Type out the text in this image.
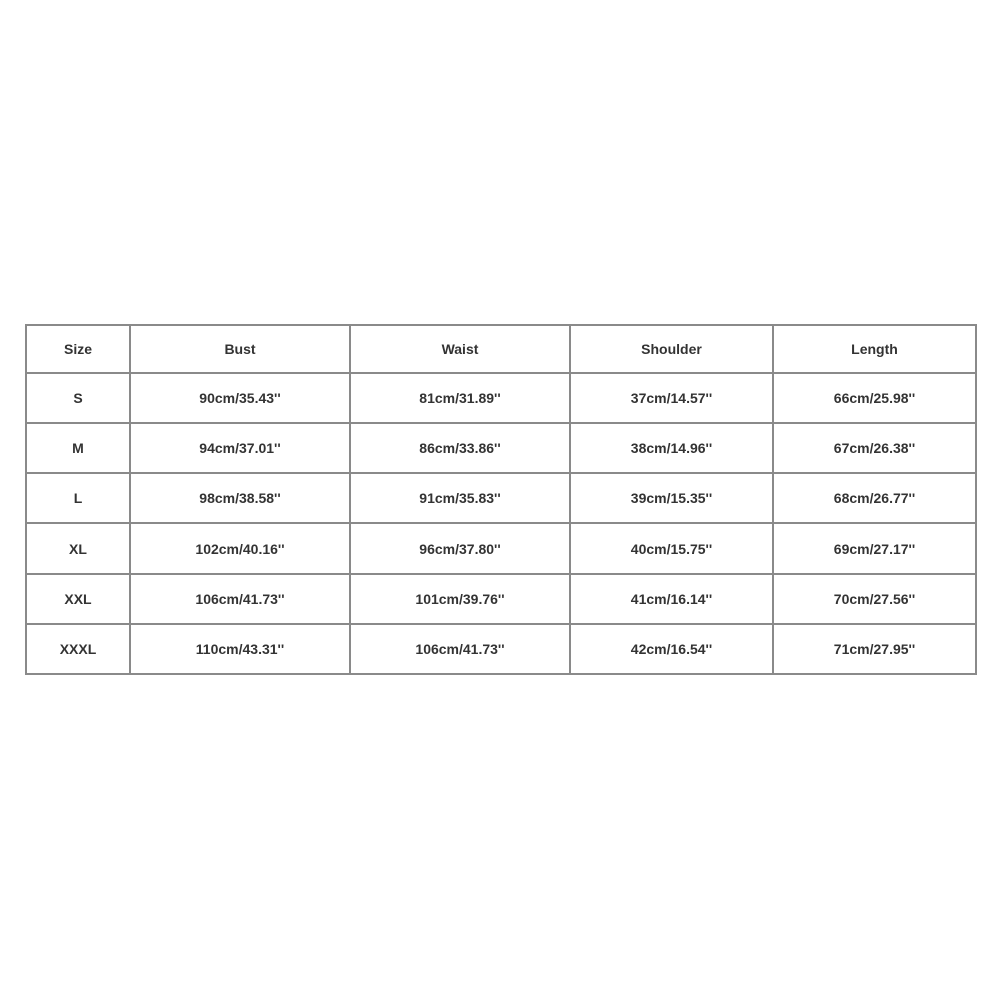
Size	Bust	Waist	Shoulder	Length
S	90cm/35.43''	81cm/31.89''	37cm/14.57''	66cm/25.98''
M	94cm/37.01''	86cm/33.86''	38cm/14.96''	67cm/26.38''
L	98cm/38.58''	91cm/35.83''	39cm/15.35''	68cm/26.77''
XL	102cm/40.16''	96cm/37.80''	40cm/15.75''	69cm/27.17''
XXL	106cm/41.73''	101cm/39.76''	41cm/16.14''	70cm/27.56''
XXXL	110cm/43.31''	106cm/41.73''	42cm/16.54''	71cm/27.95''
